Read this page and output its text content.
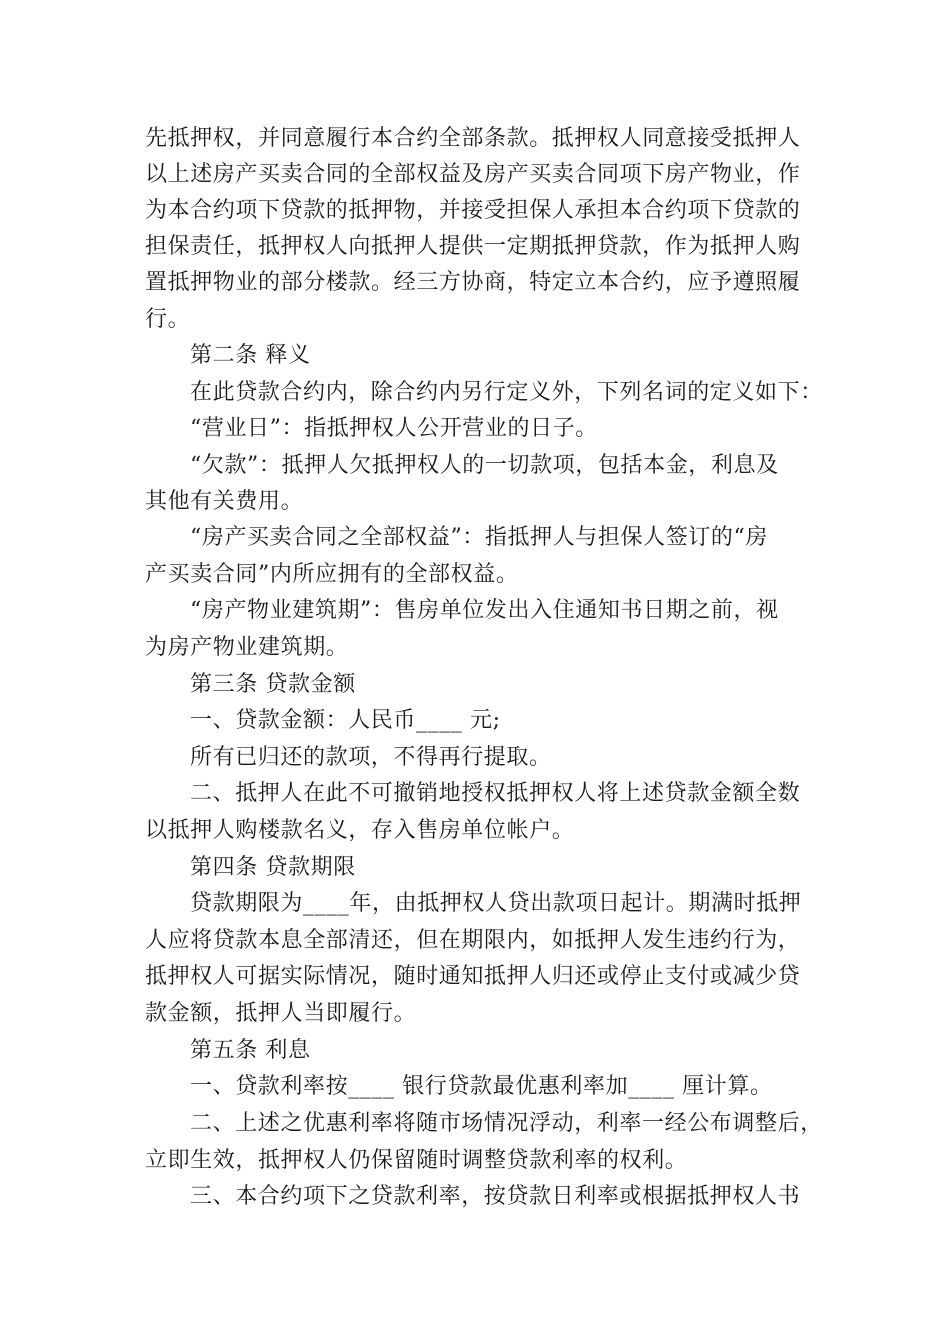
先抵押权，并同意履行本合约全部条款。抵押权人同意接受抵押人
以上述房产买卖合同的全部权益及房产买卖合同项下房产物业，作
为本合约项下贷款的抵押物，并接受担保人承担本合约项下贷款的
担保责任，抵押权人向抵押人提供一定期抵押贷款，作为抵押人购
置抵押物业的部分楼款。经三方协商，特定立本合约，应予遵照履
行。
第二条 释义
在此贷款合约内，除合约内另行定义外，下列名词的定义如下：
“营业日”：指抵押权人公开营业的日子。
“欠款”：抵押人欠抵押权人的一切款项，包括本金，利息及
其他有关费用。
“房产买卖合同之全部权益”：指抵押人与担保人签订的“房
产买卖合同”内所应拥有的全部权益。
“房产物业建筑期”：售房单位发出入住通知书日期之前，视
为房产物业建筑期。
第三条 贷款金额
一、贷款金额：人民币____ 元;
所有已归还的款项，不得再行提取。
二、抵押人在此不可撤销地授权抵押权人将上述贷款金额全数
以抵押人购楼款名义，存入售房单位帐户。
第四条 贷款期限
贷款期限为____年，由抵押权人贷出款项日起计。期满时抵押
人应将贷款本息全部清还，但在期限内，如抵押人发生违约行为，
抵押权人可据实际情况，随时通知抵押人归还或停止支付或减少贷
款金额，抵押人当即履行。
第五条 利息
一、贷款利率按____ 银行贷款最优惠利率加____ 厘计算。
二、上述之优惠利率将随市场情况浮动，利率一经公布调整后，
立即生效，抵押权人仍保留随时调整贷款利率的权利。
三、本合约项下之贷款利率，按贷款日利率或根据抵押权人书
